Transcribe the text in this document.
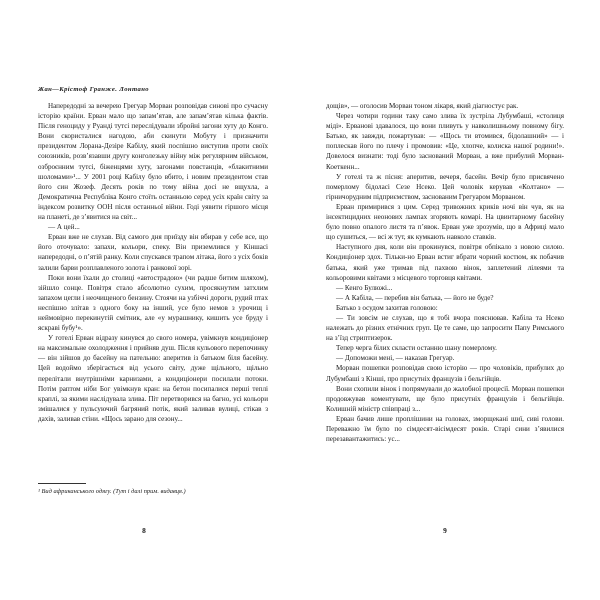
Жан—Крістоф Гранже. Лонтано

Напередодні за вечерею Грегуар Морван розповідав синові про сучасну історію країни. Ерван мало що запам’ятав, але запам’ятав кілька фактів. Після геноциду у Руанді тутсі переслідували збройні загони хуту до Конго. Вони скористалися нагодою, аби скинути Мобуту і призначити президентом Лорана-Дезіре Кабілу, який поспішно виступив проти своїх союзників, розв’язавши другу конголезьку війну між регулярним військом, озброєнним тутсі, біженцями хуту, загонами повстанців, «блакитними шоломами»¹... У 2001 році Кабілу було вбито, і новим президентом став його син Жозеф. Десять років по тому війна досі не вщухла, а Демократична Республіка Конго стоїть останньою серед усіх країн світу за індексом розвитку ООН після останньої війни. Годі уявити гіршого місця на планеті, де з’явитися на світ...

— А цей...

Ерван вже не слухав. Від самого дня приїзду він вбирав у себе все, що його оточувало: запахи, кольори, спеку. Він приземлився у Кіншасі напередодні, о п’ятій ранку. Коли спускався трапом літака, його з усіх боків залили барви розплавленого золота і ранкової зорі.

Поки вони їхали до столиці «автострадою» (чи радше битим шляхом), зійшло сонце. Повітря стало абсолютно сухим, просякнутим затхлим запахом цегли і неочищеного бензину. Стоячи на узбіччі дороги, рудий птах неспішно злітав з одного боку на інший, усе було немов з урочищ і неймовірно перекинутій смітник, але «у мурашнику, кишить усе бруду і яскраві бубу¹».

У готелі Ерван відразу кинувся до свого номера, увімкнув кондиціонер на максимальне охолодження і прийняв душ. Після кульового перепочинку — він зійшов до басейну на пательню: аперитив із батьком біля басейну. Цей водоймо зберігається від усього світу, дуже щільного, щільно перелітали внутрішніми карнизами, а кондиціонери посилали потоки. Потім раптом ніби Бог увімкнув кран: на бетон посипалися перші теплі краплі, за якими наслідувала злива. Піт перетворився на багно, усі кольори змішалися у пульсуючий багряний потік, який заливав вулиці, стікав з дахів, заливав стіни. «Щось зарано для сезону...

¹ Вид африканського одягу. (Тут і далі прим. видавця.)
8

дощів», — оголосив Морван тоном лікаря, який діагностує рак.

Через чотири години таку само злива їх зустріла Лубумбаші, «столиця міді». Ерванові здавалося, що вони пливуть у навколишньому повному бігу. Батько, як завжди, пожартував: — «Щось ти втомився, бідолашний» — і поплескав його по плечу і промовив: «Це, хлопче, колиска нашої родини!». Довелося визнати: тоді було заснований Морван, а вже прибулий Морван-Коеткенн...

У готелі та ж пісня: аперитив, вечеря, басейн. Вечір було присвячено померлому бідоласі Сезе Нсеко. Цей чоловік керував «Колтано» — гірничорудним підприємством, заснованим Грегуаром Морваном.

Ерван примирився з цим. Серед тривожних криків ночі він чув, як на інсектицидних неонових лампах згоряють комарі. На цвинтарному басейну було повно опалого листя та п’явок. Ерван уже зрозумів, що в Африці мало що сушиться, — всі ж тут, як кумкають навколо ставків.

Наступного дня, коли він прокинувся, повітря обпікало з новою силою. Кондиціонер здох. Тільки-но Ерван встиг вбрати чорний костюм, як побачив батька, який уже тримав під пахвою вінок, заплетений лілеями та кольоровими квітами з місцевого торговця квітами.

— Кенго Булюжі...

— А Кабіла, — перебив він батька, — його не буде?

Батько з осудом захитав головою:

— Ти зовсім не слухав, що я тобі вчора пояснював. Кабіла та Нсеко належать до різних етнічних груп. Це те саме, що запросити Папу Римського на з’їзд стриптизерок.

Тепер черга білих склаcти останню шану померлому.

— Допоможи мені, — наказав Грегуар.

Морван пошепки розповідав свою історію — про чоловіків, прибулих до Лубумбаші з Кінші, про присутніх французів і бельгійців.

Вони схопили вінок і попрямували до жалобної процесії. Морван пошепки продовжував коментувати, ще було присутніх французів і бельгійців. Колишній міністр співпраці з...

Ерван бачив лише проплішини на головах, зморщекані шиї, сиві голови. Переважно їм було по сімдесят-вісімдесят років. Старі сини з’явилися перезавантажитись: ус...

9
